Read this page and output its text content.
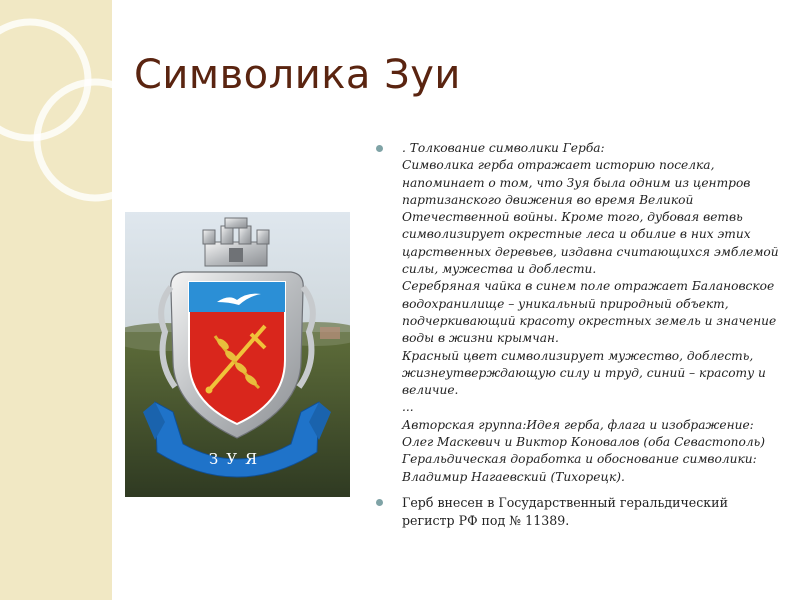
Символика Зуи
ЗУЯ
. Толкование символики Герба:
Символика герба отражает историю поселка,
напоминает о том, что Зуя была одним из центров
партизанского движения во время Великой
Отечественной войны. Кроме того, дубовая ветвь
символизирует окрестные леса и обилие в них этих
царственных деревьев, издавна считающихся эмблемой
силы, мужества и доблести.
Серебряная чайка в синем поле отражает Балановское
водохранилище – уникальный природный объект,
подчеркивающий красоту окрестных земель и значение
воды в жизни крымчан.
Красный цвет символизирует мужество, доблесть,
жизнеутверждающую силу и труд, синий – красоту и
величие.
...
Авторская группа:Идея герба, флага и изображение:
Олег Маскевич и Виктор Коновалов (оба Севастополь)
Геральдическая доработка и обоснование символики:
Владимир Нагаевский (Тихорецк).
Герб внесен в Государственный геральдический
регистр РФ под № 11389.
